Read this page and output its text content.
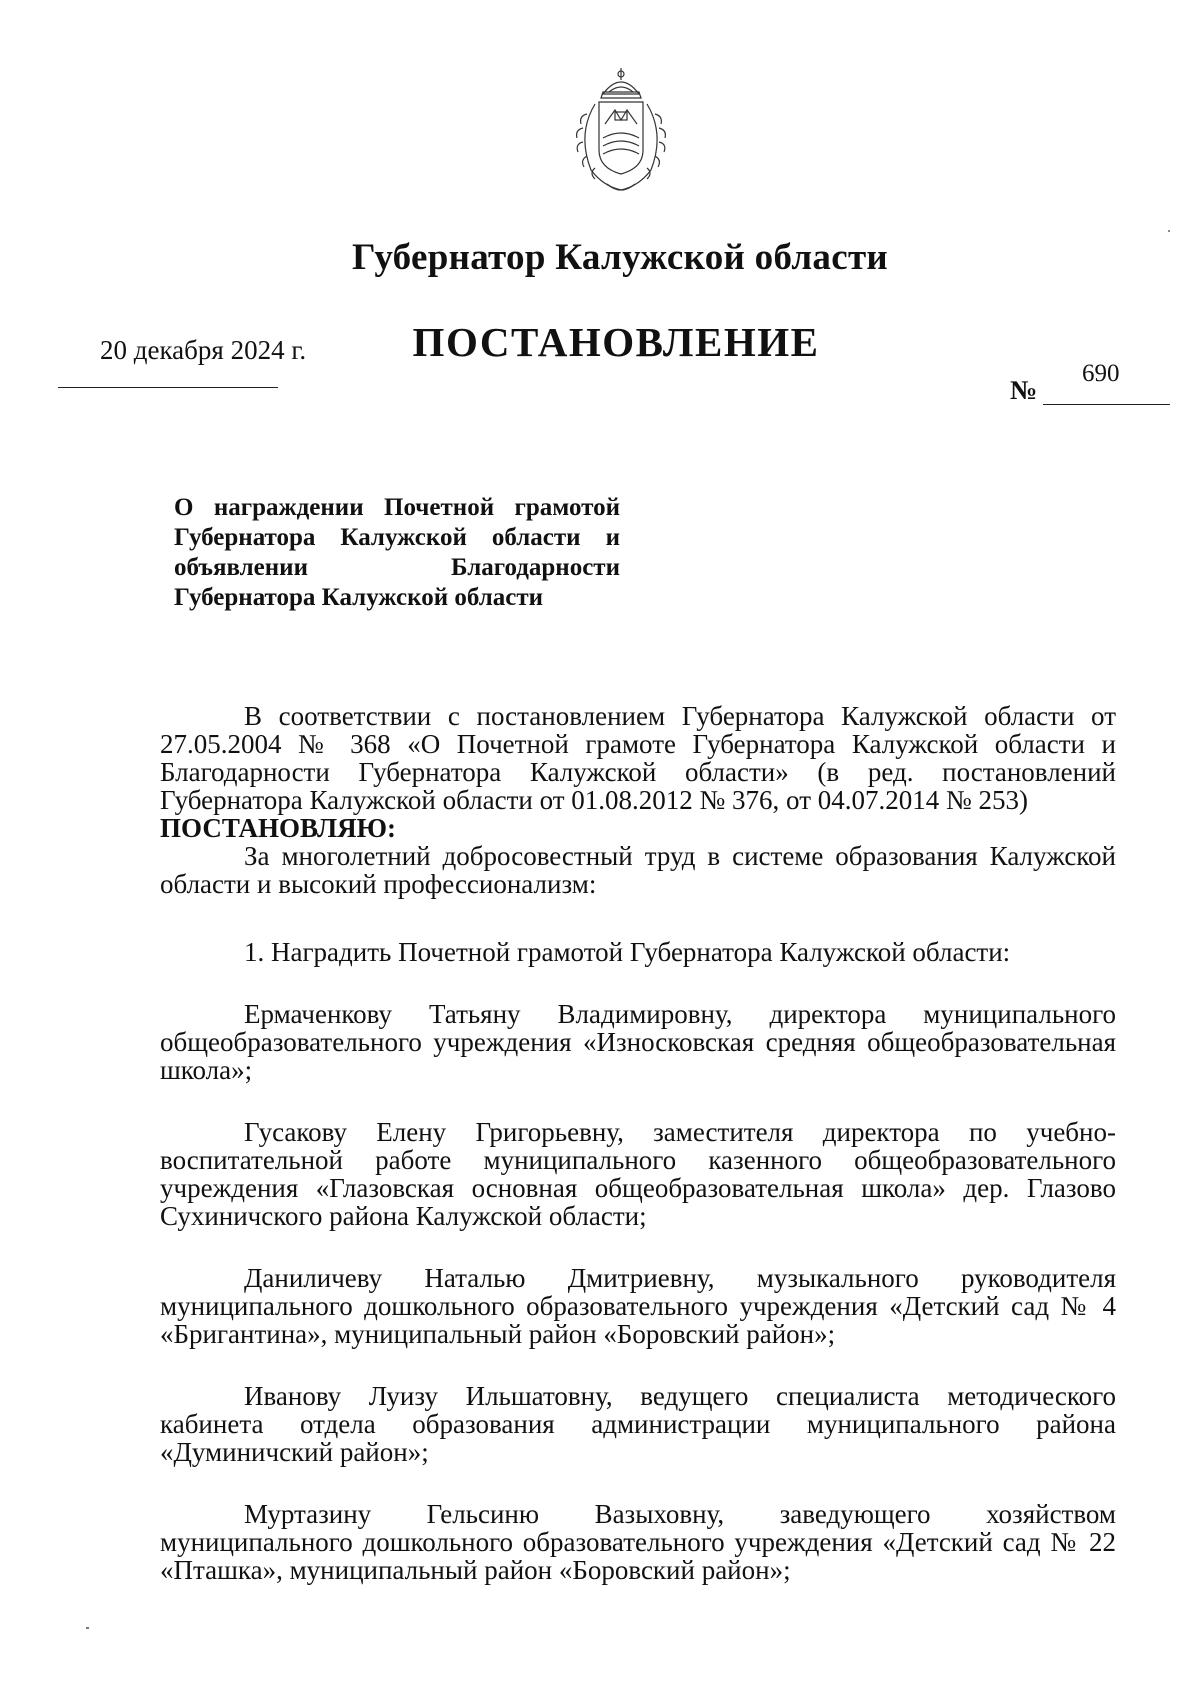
Губернатор Калужской области
ПОСТАНОВЛЕНИЕ
20 декабря 2024 г.
№
690
О награждении Почетной грамотой Губернатора Калужской области и объявлении Благодарности Губернатора Калужской области

В соответствии с постановлением Губернатора Калужской области от 27.05.2004 № 368 «О Почетной грамоте Губернатора Калужской области и Благодарности Губернатора Калужской области» (в ред. постановлений Губернатора Калужской области от 01.08.2012 № 376, от 04.07.2014 № 253)

ПОСТАНОВЛЯЮ:

За многолетний добросовестный труд в системе образования Калужской области и высокий профессионализм:

1. Наградить Почетной грамотой Губернатора Калужской области:

Ермаченкову Татьяну Владимировну, директора муниципального общеобразовательного учреждения «Износковская средняя общеобразовательная школа»;

Гусакову Елену Григорьевну, заместителя директора по учебно-воспитательной работе муниципального казенного общеобразовательного учреждения «Глазовская основная общеобразовательная школа» дер. Глазово Сухиничского района Калужской области;

Даниличеву Наталью Дмитриевну, музыкального руководителя муниципального дошкольного образовательного учреждения «Детский сад № 4 «Бригантина», муниципальный район «Боровский район»;

Иванову Луизу Ильшатовну, ведущего специалиста методического кабинета отдела образования администрации муниципального района «Думиничский район»;

Муртазину Гельсиню Вазыховну, заведующего хозяйством муниципального дошкольного образовательного учреждения «Детский сад № 22 «Пташка», муниципальный район «Боровский район»;
